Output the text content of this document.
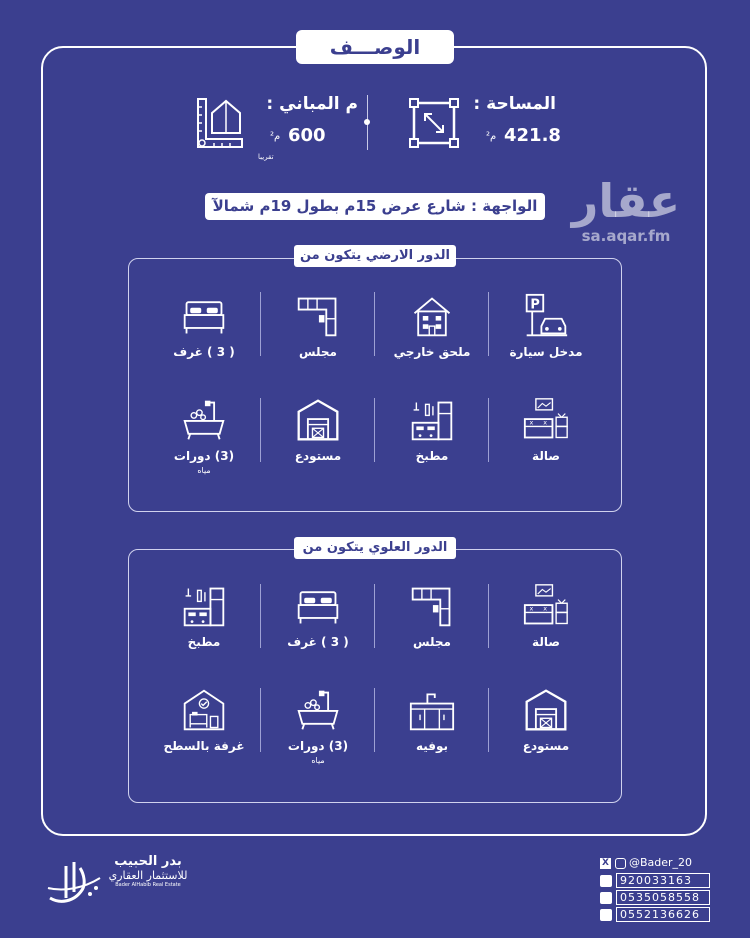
الوصـــف
المساحة :
421.8
م²
م المباني :
600
م²
تقريبا
الواجهة : شارع عرض 15م بطول 19م شمالآ عقار
sa.aqar.fm
الدور الارضي يتكون من
مدخل سيارة
ملحق خارجي
مجلس
( 3 ) غرف
صالة
مطبخ
مستودع
(3) دورات
مياه
الدور العلوي يتكون من
صالة
مجلس
( 3 ) غرف
مطبخ
مستودع
بوفيه
(3) دورات
مياه
غرفة بالسطح
بدر الحبيب
للاستثمار العقاري
Bader AlHabib Real Estate
X @Bader_20
920033163
0535058558
0552136626
